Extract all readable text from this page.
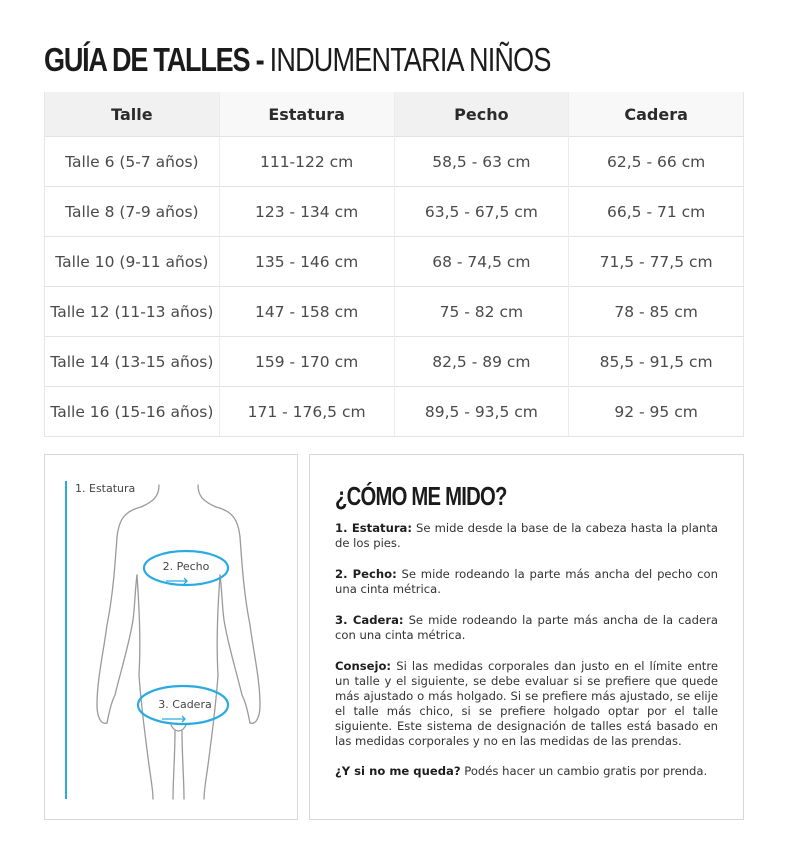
GUÍA DE TALLES - INDUMENTARIA NIÑOS
Talle	Estatura	Pecho	Cadera
Talle 6 (5-7 años)	111-122 cm	58,5 - 63 cm	62,5 - 66 cm
Talle 8 (7-9 años)	123 - 134 cm	63,5 - 67,5 cm	66,5 - 71 cm
Talle 10 (9-11 años)	135 - 146 cm	68 - 74,5 cm	71,5 - 77,5 cm
Talle 12 (11-13 años)	147 - 158 cm	75 - 82 cm	78 - 85 cm
Talle 14 (13-15 años)	159 - 170 cm	82,5 - 89 cm	85,5 - 91,5 cm
Talle 16 (15-16 años)	171 - 176,5 cm	89,5 - 93,5 cm	92 - 95 cm
1. Estatura
2. Pecho
3. Cadera
¿CÓMO ME MIDO?

1. Estatura: Se mide desde la base de la cabeza hasta la planta de los pies.

2. Pecho: Se mide rodeando la parte más ancha del pecho con una cinta métrica.

3. Cadera: Se mide rodeando la parte más ancha de la cadera con una cinta métrica.

Consejo: Si las medidas corporales dan justo en el límite entre un talle y el siguiente, se debe evaluar si se prefiere que quede más ajustado o más holgado. Si se prefiere más ajustado, se elije el talle más chico, si se prefiere holgado optar por el talle siguiente. Este sistema de designación de talles está basado en las medidas corporales y no en las medidas de las prendas.

¿Y si no me queda? Podés hacer un cambio gratis por prenda.
